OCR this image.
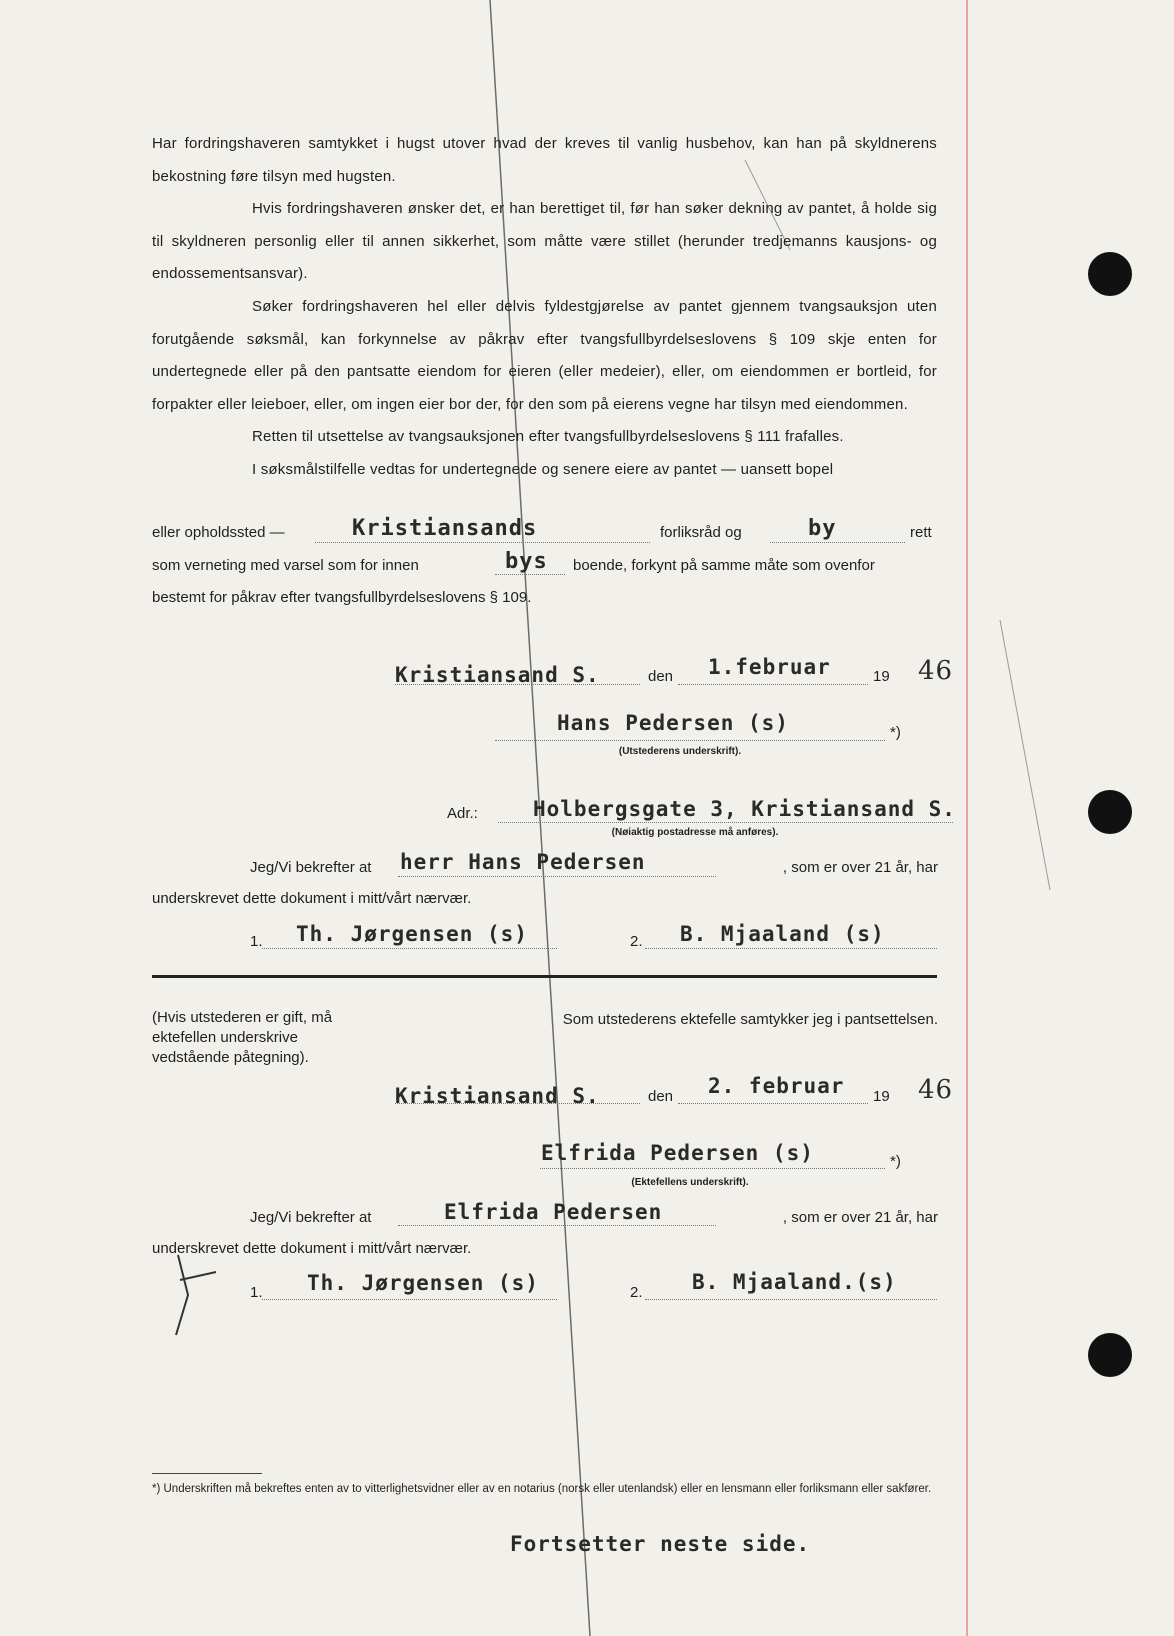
Har fordringshaveren samtykket i hugst utover hvad der kreves til vanlig husbehov, kan han på skyldnerens bekostning føre tilsyn med hugsten.

Hvis fordringshaveren ønsker det, er han berettiget til, før han søker dekning av pantet, å holde sig til skyldneren personlig eller til annen sikkerhet, som måtte være stillet (herunder tredjemanns kausjons- og endossementsansvar).

Søker fordringshaveren hel eller delvis fyldestgjørelse av pantet gjennem tvangsauksjon uten forutgående søksmål, kan forkynnelse av påkrav efter tvangsfullbyrdelseslovens § 109 skje enten for undertegnede eller på den pantsatte eiendom for eieren (eller medeier), eller, om eiendommen er bortleid, for forpakter eller leieboer, eller, om ingen eier bor der, for den som på eierens vegne har tilsyn med eiendommen.

Retten til utsettelse av tvangsauksjonen efter tvangsfullbyrdelseslovens § 111 frafalles.

I søksmålstilfelle vedtas for undertegnede og senere eiere av pantet — uansett bopel

eller opholdssted —	Kristiansands	forliksråd og	by	rett
som verneting med varsel som for innen	bys boende, forkynt på samme måte som ovenfor
bestemt for påkrav efter tvangsfullbyrdelseslovens § 109.
Kristiansand S.	den 1.februar	19 46
Hans Pedersen (s)	*)
(Utstederens underskrift).
Adr.:	Holbergsgate 3, Kristiansand S.
(Nøiaktig postadresse må anføres).
Jeg/Vi bekrefter at herr Hans Pedersen	, som er over 21 år, har
underskrevet dette dokument i mitt/vårt nærvær.
1. Th. Jørgensen (s)	2. B. Mjaaland (s)
(Hvis utstederen er gift, må ektefellen underskrive vedstående påtegning).
Som utstederens ektefelle samtykker jeg i pantsettelsen.
Kristiansand S.	den 2. februar 19 46
Elfrida Pedersen (s)	*)
(Ektefellens underskrift).
Jeg/Vi bekrefter at	Elfrida Pedersen	, som er over 21 år, har
underskrevet dette dokument i mitt/vårt nærvær.
1. Th. Jørgensen (s)	2. B. Mjaaland.(s)
*) Underskriften må bekreftes enten av to vitterlighetsvidner eller av en notarius (norsk eller utenlandsk) eller en lensmann eller forliksmann eller sakfører.
Fortsetter neste side.
